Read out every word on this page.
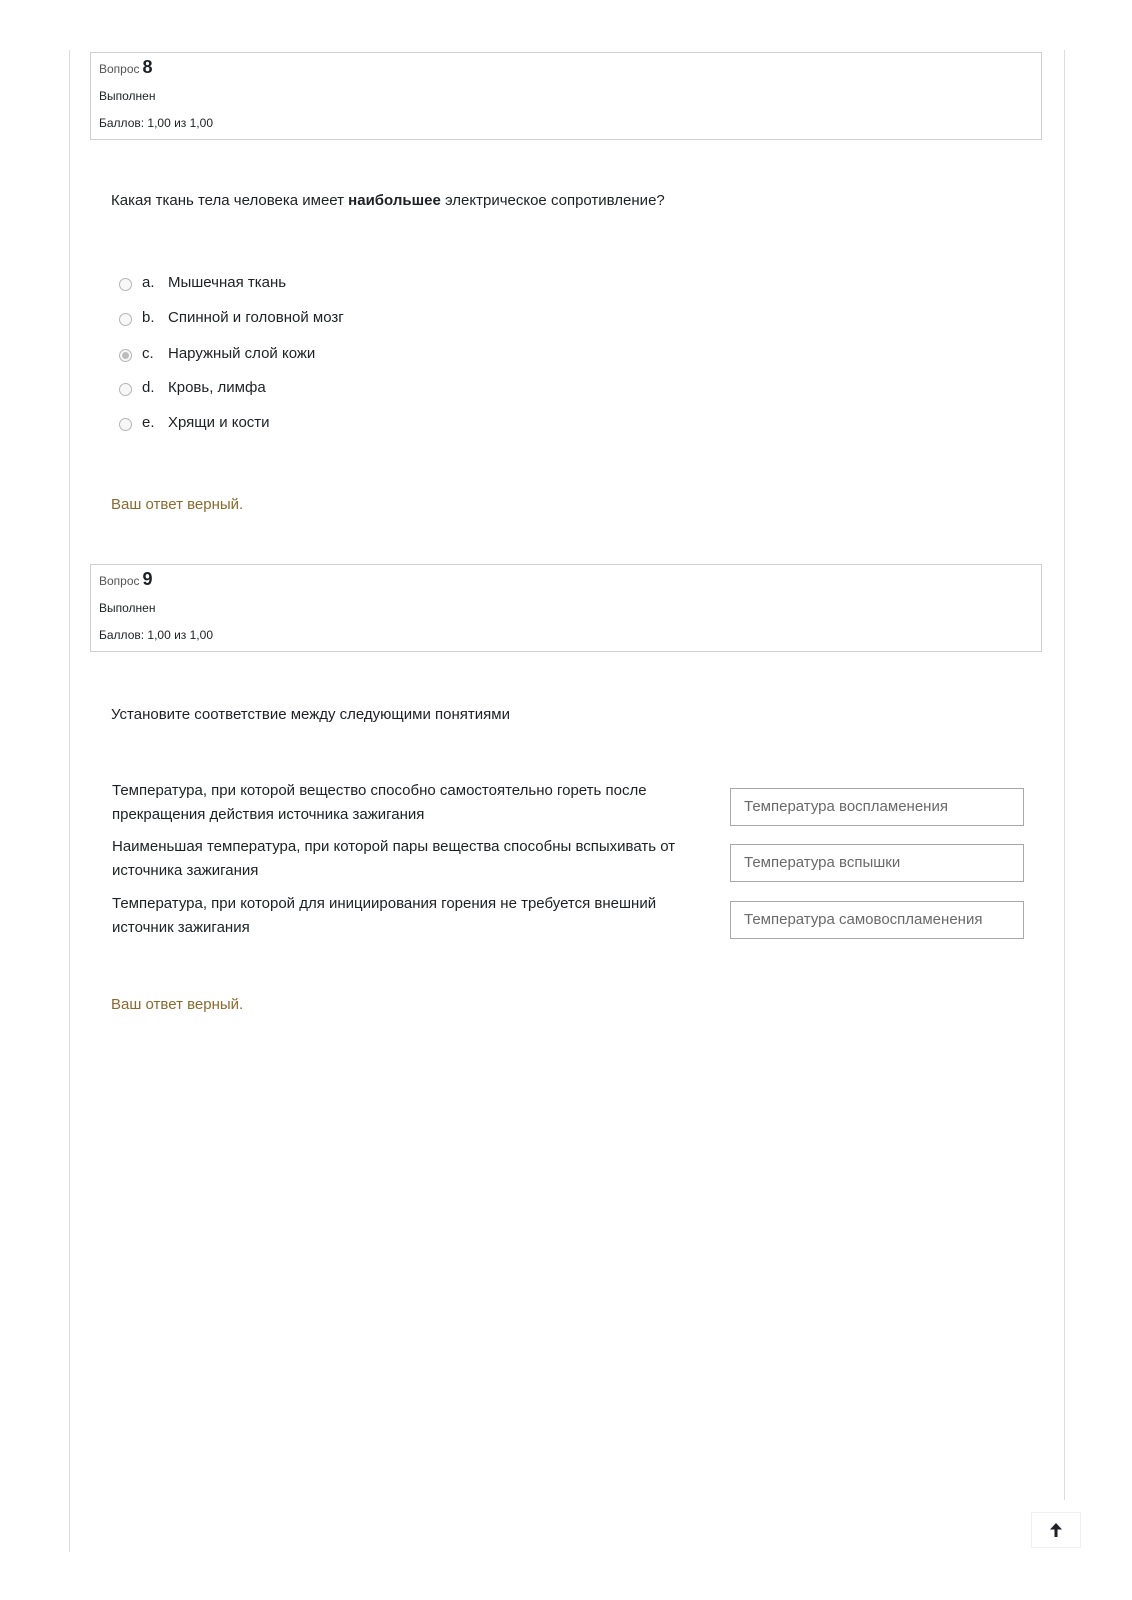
Вопрос 8
Выполнен
Баллов: 1,00 из 1,00
Какая ткань тела человека имеет наибольшее электрическое сопротивление?
a. Мышечная ткань
b. Спинной и головной мозг
c. Наружный слой кожи
d. Кровь, лимфа
e. Хрящи и кости
Ваш ответ верный.
Вопрос 9
Выполнен
Баллов: 1,00 из 1,00
Установите соответствие между следующими понятиями
Температура, при которой вещество способно самостоятельно гореть после прекращения действия источника зажигания	Температура воспламенения
Наименьшая температура, при которой пары вещества способны вспыхивать от источника зажигания	Температура вспышки
Температура, при которой для инициирования горения не требуется внешний источник зажигания	Температура самовоспламенения
Ваш ответ верный.
